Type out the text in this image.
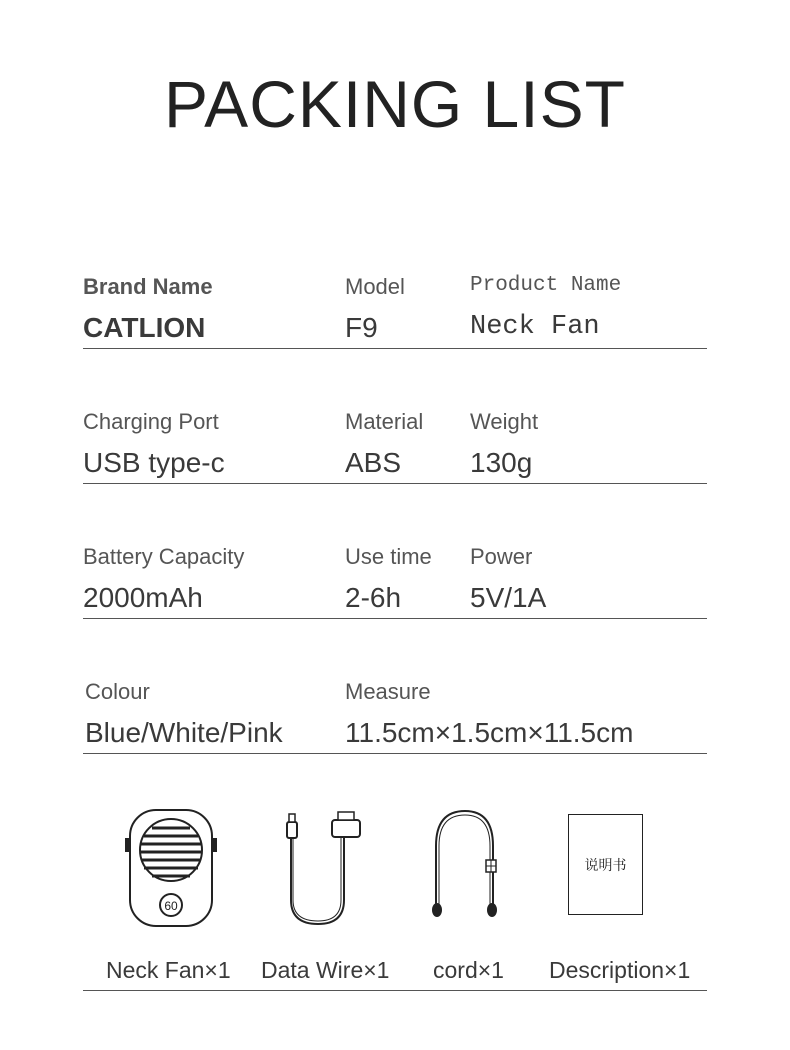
PACKING LIST
Brand Name
CATLION
Model
F9
Product Name
Neck Fan
Charging Port
USB type-c
Material
ABS
Weight
130g
Battery Capacity
2000mAh
Use time
2-6h
Power
5V/1A
Colour
Blue/White/Pink
Measure
11.5cm×1.5cm×11.5cm
60
说明书
Neck Fan×1 Data Wire×1 cord×1 Description×1
